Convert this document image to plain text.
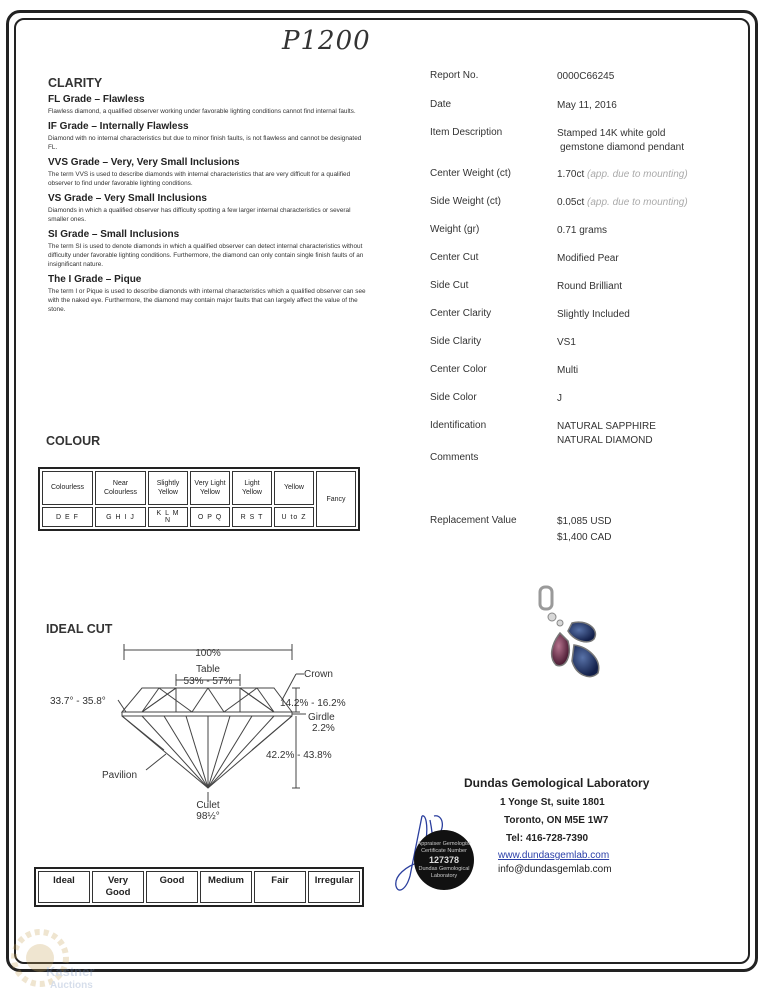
P1200
CLARITY
FL Grade – Flawless
Flawless diamond, a qualified observer working under favorable lighting conditions cannot find internal faults.
IF Grade – Internally Flawless
Diamond with no internal characteristics but due to minor finish faults, is not flawless and cannot be designated FL.
VVS Grade – Very, Very Small Inclusions
The term VVS is used to describe diamonds with internal characteristics that are very difficult for a qualified observer to find under favorable lighting conditions.
VS Grade – Very Small Inclusions
Diamonds in which a qualified observer has difficulty spotting a few larger internal characteristics or several smaller ones.
SI Grade – Small Inclusions
The term SI is used to denote diamonds in which a qualified observer can detect internal characteristics without difficulty under favorable lighting conditions. Furthermore, the diamond can only contain single finish faults of an insignificant nature.
The I Grade – Pique
The term I or Pique is used to describe diamonds with internal characteristics which a qualified observer can see with the naked eye. Furthermore, the diamond may contain major faults that can largely affect the value of the stone.
COLOUR
Colourless	Near Colourless	Slightly Yellow	Very Light Yellow	Light Yellow	Yellow	Fancy
D E F	G H I J	K L M N	O P Q	R S T	U to Z	
IDEAL CUT
100%
Table
53% - 57%
Crown
33.7° - 35.8°	14.2% - 16.2%
Girdle
2.2%
42.2% - 43.8%
Pavilion
Culet
98½°
Ideal	Very Good	Good	Medium	Fair	Irregular
Report No.	0000C66245
Date	May 11, 2016
Item Description	Stamped 14K white gold
gemstone diamond pendant
Center Weight (ct)	1.70ct (app. due to mounting)
Side Weight (ct)	0.05ct (app. due to mounting)
Weight (gr)	0.71 grams
Center Cut	Modified Pear
Side Cut	Round Brilliant
Center Clarity	Slightly Included
Side Clarity	VS1
Center Color	Multi
Side Color	J
Identification	NATURAL SAPPHIRE
NATURAL DIAMOND
Comments
Replacement Value	$1,085 USD
$1,400 CAD
Dundas Gemological Laboratory
1 Yonge St, suite 1801
Toronto, ON M5E 1W7
Tel: 416-728-7390
www.dundasgemlab.com
info@dundasgemlab.com
Appraiser Gemologist
Certificate Number
127378
Dundas Gemological
Laboratory
Kastner
Auctions
